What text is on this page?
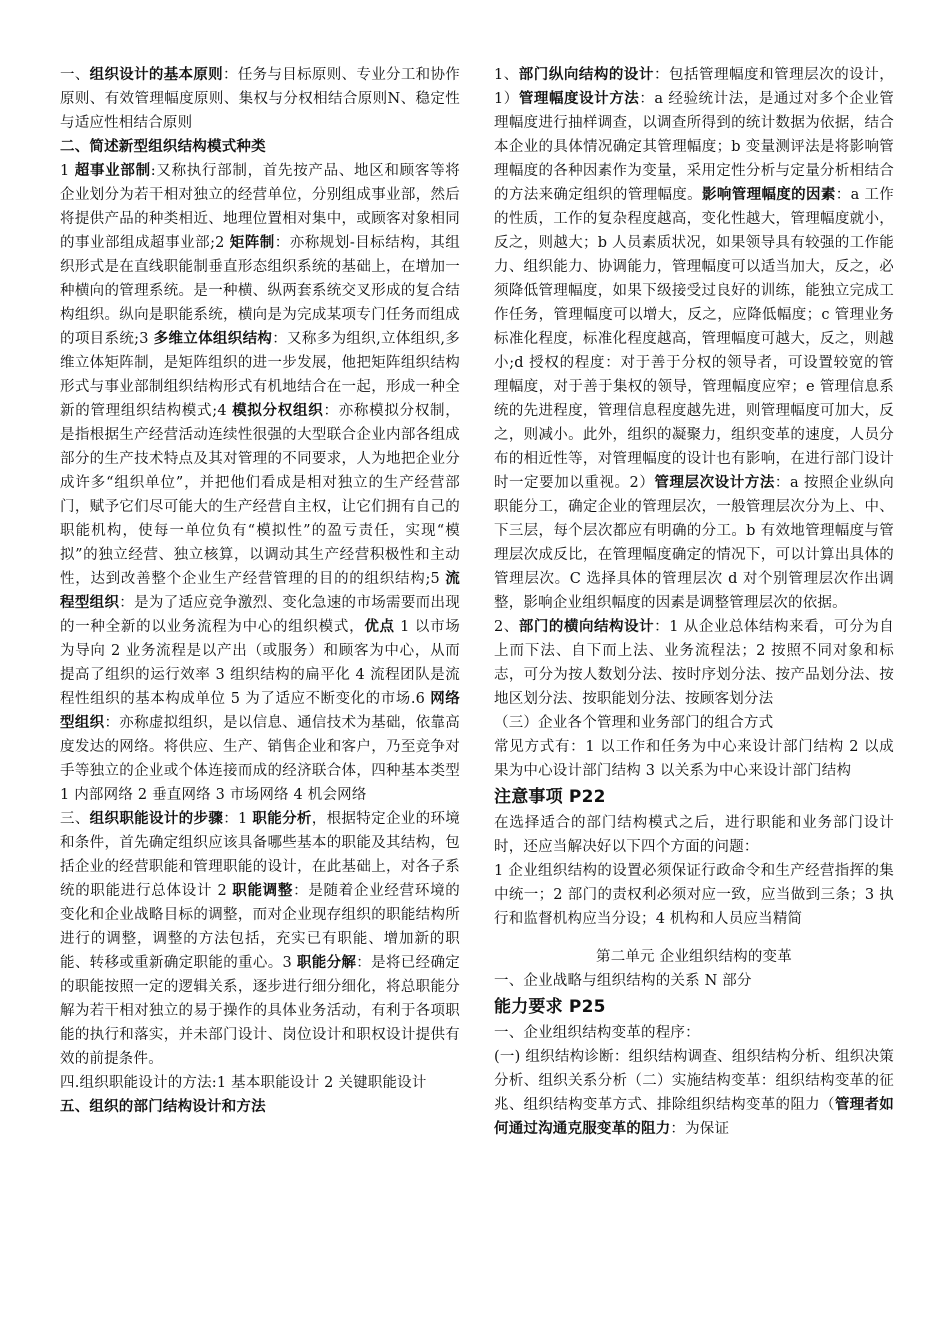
一、组织设计的基本原则：任务与目标原则、专业分工和协作原则、有效管理幅度原则、集权与分权相结合原则N、稳定性与适应性相结合原则

二、简述新型组织结构模式种类

1 超事业部制:又称执行部制，首先按产品、地区和顾客等将企业划分为若干相对独立的经营单位，分别组成事业部，然后将提供产品的种类相近、地理位置相对集中，或顾客对象相同的事业部组成超事业部;2 矩阵制：亦称规划-目标结构，其组织形式是在直线职能制垂直形态组织系统的基础上，在增加一种横向的管理系统。是一种横、纵两套系统交叉形成的复合结构组织。纵向是职能系统，横向是为完成某项专门任务而组成的项目系统;3 多维立体组织结构：又称多为组织,立体组织,多维立体矩阵制，是矩阵组织的进一步发展，他把矩阵组织结构形式与事业部制组织结构形式有机地结合在一起，形成一种全新的管理组织结构模式;4 模拟分权组织：亦称模拟分权制，是指根据生产经营活动连续性很强的大型联合企业内部各组成部分的生产技术特点及其对管理的不同要求，人为地把企业分成许多“组织单位”，并把他们看成是相对独立的生产经营部门，赋予它们尽可能大的生产经营自主权，让它们拥有自己的职能机构，使每一单位负有“模拟性”的盈亏责任，实现“模拟”的独立经营、独立核算，以调动其生产经营积极性和主动性，达到改善整个企业生产经营管理的目的的组织结构;5 流程型组织：是为了适应竞争激烈、变化急速的市场需要而出现的一种全新的以业务流程为中心的组织模式，优点 1 以市场为导向 2 业务流程是以产出（或服务）和顾客为中心，从而提高了组织的运行效率 3 组织结构的扁平化 4 流程团队是流程性组织的基本构成单位 5 为了适应不断变化的市场.6 网络型组织：亦称虚拟组织，是以信息、通信技术为基础，依靠高度发达的网络。将供应、生产、销售企业和客户，乃至竞争对手等独立的企业或个体连接而成的经济联合体，四种基本类型 1 内部网络 2 垂直网络 3 市场网络 4 机会网络

三、组织职能设计的步骤：1 职能分析，根据特定企业的环境和条件，首先确定组织应该具备哪些基本的职能及其结构，包括企业的经营职能和管理职能的设计，在此基础上，对各子系统的职能进行总体设计 2 职能调整：是随着企业经营环境的变化和企业战略目标的调整，而对企业现存组织的职能结构所进行的调整，调整的方法包括，充实已有职能、增加新的职能、转移或重新确定职能的重心。3 职能分解：是将已经确定的职能按照一定的逻辑关系，逐步进行细分细化，将总职能分解为若干相对独立的易于操作的具体业务活动，有利于各项职能的执行和落实，并未部门设计、岗位设计和职权设计提供有效的前提条件。

四.组织职能设计的方法:1 基本职能设计 2 关键职能设计

五、组织的部门结构设计和方法

1、部门纵向结构的设计：包括管理幅度和管理层次的设计，1）管理幅度设计方法：a 经验统计法，是通过对多个企业管理幅度进行抽样调查，以调查所得到的统计数据为依据，结合本企业的具体情况确定其管理幅度；b 变量测评法是将影响管理幅度的各种因素作为变量，采用定性分析与定量分析相结合的方法来确定组织的管理幅度。影响管理幅度的因素：a 工作的性质，工作的复杂程度越高，变化性越大，管理幅度就小，反之，则越大；b 人员素质状况，如果领导具有较强的工作能力、组织能力、协调能力，管理幅度可以适当加大，反之，必须降低管理幅度，如果下级接受过良好的训练，能独立完成工作任务，管理幅度可以增大，反之，应降低幅度；c 管理业务标准化程度，标准化程度越高，管理幅度可越大，反之，则越小;d 授权的程度：对于善于分权的领导者，可设置较宽的管理幅度，对于善于集权的领导，管理幅度应窄；e 管理信息系统的先进程度，管理信息程度越先进，则管理幅度可加大，反之，则减小。此外，组织的凝聚力，组织变革的速度，人员分布的相近性等，对管理幅度的设计也有影响，在进行部门设计时一定要加以重视。2）管理层次设计方法：a 按照企业纵向职能分工，确定企业的管理层次，一般管理层次分为上、中、下三层，每个层次都应有明确的分工。b 有效地管理幅度与管理层次成反比，在管理幅度确定的情况下，可以计算出具体的管理层次。C 选择具体的管理层次 d 对个别管理层次作出调整，影响企业组织幅度的因素是调整管理层次的依据。

2、部门的横向结构设计：1 从企业总体结构来看，可分为自上而下法、自下而上法、业务流程法；2 按照不同对象和标志，可分为按人数划分法、按时序划分法、按产品划分法、按地区划分法、按职能划分法、按顾客划分法

（三）企业各个管理和业务部门的组合方式

常见方式有：1 以工作和任务为中心来设计部门结构 2 以成果为中心设计部门结构 3 以关系为中心来设计部门结构

注意事项 P22

在选择适合的部门结构模式之后，进行职能和业务部门设计时，还应当解决好以下四个方面的问题：

1 企业组织结构的设置必须保证行政命令和生产经营指挥的集中统一；2 部门的责权利必须对应一致，应当做到三条；3 执行和监督机构应当分设；4 机构和人员应当精简

第二单元 企业组织结构的变革

一、企业战略与组织结构的关系 N 部分

能力要求 P25

一、企业组织结构变革的程序：

(一) 组织结构诊断：组织结构调查、组织结构分析、组织决策分析、组织关系分析（二）实施结构变革：组织结构变革的征兆、组织结构变革方式、排除组织结构变革的阻力（管理者如何通过沟通克服变革的阻力：为保证
